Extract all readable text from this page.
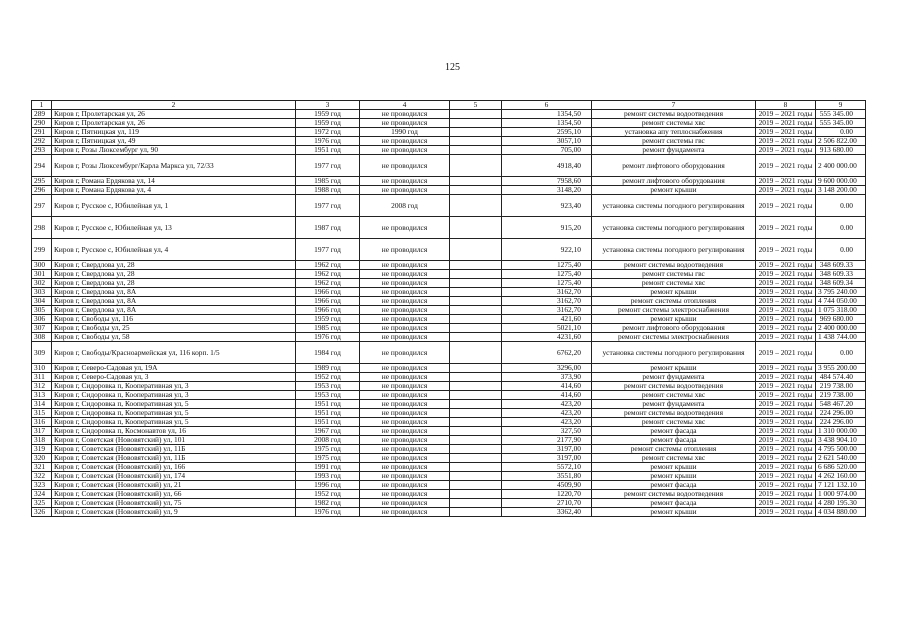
125
1	2	3	4	5	6	7	8	9
289	Киров г, Пролетарская ул, 26	1959 год	не проводился		1354,50	ремонт системы водоотведения	2019 – 2021 годы	555 345.00
290	Киров г, Пролетарская ул, 26	1959 год	не проводился		1354,50	ремонт системы хвс	2019 – 2021 годы	555 345.00
291	Киров г, Пятницкая ул, 119	1972 год	1990 год		2595,10	установка апу теплоснабжения	2019 – 2021 годы	0.00
292	Киров г, Пятницкая ул, 49	1976 год	не проводился		3057,10	ремонт системы гвс	2019 – 2021 годы	2 506 822.00
293	Киров г, Розы Люксембург ул, 90	1951 год	не проводился		705,00	ремонт фундамента	2019 – 2021 годы	913 680.00
294	Киров г, Розы Люксембург/Карла Маркса ул, 72/33	1977 год	не проводился		4918,40	ремонт лифтового оборудования	2019 – 2021 годы	2 400 000.00
295	Киров г, Романа Ердякова ул, 14	1985 год	не проводился		7958,60	ремонт лифтового оборудования	2019 – 2021 годы	9 600 000.00
296	Киров г, Романа Ердякова ул, 4	1988 год	не проводился		3148,20	ремонт крыши	2019 – 2021 годы	3 148 200.00
297	Киров г, Русское с, Юбилейная ул, 1	1977 год	2008 год		923,40	установка системы погодного регулирования	2019 – 2021 годы	0.00
298	Киров г, Русское с, Юбилейная ул, 13	1987 год	не проводился		915,20	установка системы погодного регулирования	2019 – 2021 годы	0.00
299	Киров г, Русское с, Юбилейная ул, 4	1977 год	не проводился		922,10	установка системы погодного регулирования	2019 – 2021 годы	0.00
300	Киров г, Свердлова ул, 28	1962 год	не проводился		1275,40	ремонт системы водоотведения	2019 – 2021 годы	348 609.33
301	Киров г, Свердлова ул, 28	1962 год	не проводился		1275,40	ремонт системы гвс	2019 – 2021 годы	348 609.33
302	Киров г, Свердлова ул, 28	1962 год	не проводился		1275,40	ремонт системы хвс	2019 – 2021 годы	348 609.34
303	Киров г, Свердлова ул, 8А	1966 год	не проводился		3162,70	ремонт крыши	2019 – 2021 годы	3 795 240.00
304	Киров г, Свердлова ул, 8А	1966 год	не проводился		3162,70	ремонт системы отопления	2019 – 2021 годы	4 744 050.00
305	Киров г, Свердлова ул, 8А	1966 год	не проводился		3162,70	ремонт системы электроснабжения	2019 – 2021 годы	1 075 318.00
306	Киров г, Свободы ул, 116	1959 год	не проводился		421,60	ремонт крыши	2019 – 2021 годы	969 680.00
307	Киров г, Свободы ул, 25	1985 год	не проводился		5021,10	ремонт лифтового оборудования	2019 – 2021 годы	2 400 000.00
308	Киров г, Свободы ул, 58	1976 год	не проводился		4231,60	ремонт системы электроснабжения	2019 – 2021 годы	1 438 744.00
309	Киров г, Свободы/Красноармейская ул, 116 корп. 1/5	1984 год	не проводился		6762,20	установка системы погодного регулирования	2019 – 2021 годы	0.00
310	Киров г, Северо-Садовая ул, 19А	1989 год	не проводился		3296,00	ремонт крыши	2019 – 2021 годы	3 955 200.00
311	Киров г, Северо-Садовая ул, 3	1952 год	не проводился		373,90	ремонт фундамента	2019 – 2021 годы	484 574.40
312	Киров г, Сидоровка п, Кооперативная ул, 3	1953 год	не проводился		414,60	ремонт системы водоотведения	2019 – 2021 годы	219 738.00
313	Киров г, Сидоровка п, Кооперативная ул, 3	1953 год	не проводился		414,60	ремонт системы хвс	2019 – 2021 годы	219 738.00
314	Киров г, Сидоровка п, Кооперативная ул, 5	1951 год	не проводился		423,20	ремонт фундамента	2019 – 2021 годы	548 467.20
315	Киров г, Сидоровка п, Кооперативная ул, 5	1951 год	не проводился		423,20	ремонт системы водоотведения	2019 – 2021 годы	224 296.00
316	Киров г, Сидоровка п, Кооперативная ул, 5	1951 год	не проводился		423,20	ремонт системы хвс	2019 – 2021 годы	224 296.00
317	Киров г, Сидоровка п, Космонавтов ул, 16	1967 год	не проводился		327,50	ремонт фасада	2019 – 2021 годы	1 310 000.00
318	Киров г, Советская (Нововятский) ул, 101	2008 год	не проводился		2177,90	ремонт фасада	2019 – 2021 годы	3 438 904.10
319	Киров г, Советская (Нововятский) ул, 11Б	1975 год	не проводился		3197,00	ремонт системы отопления	2019 – 2021 годы	4 795 500.00
320	Киров г, Советская (Нововятский) ул, 11Б	1975 год	не проводился		3197,00	ремонт системы хвс	2019 – 2021 годы	2 621 540.00
321	Киров г, Советская (Нововятский) ул, 166	1991 год	не проводился		5572,10	ремонт крыши	2019 – 2021 годы	6 686 520.00
322	Киров г, Советская (Нововятский) ул, 174	1993 год	не проводился		3551,80	ремонт крыши	2019 – 2021 годы	4 262 160.00
323	Киров г, Советская (Нововятский) ул, 21	1996 год	не проводился		4509,90	ремонт фасада	2019 – 2021 годы	7 121 132.10
324	Киров г, Советская (Нововятский) ул, 66	1952 год	не проводился		1220,70	ремонт системы водоотведения	2019 – 2021 годы	1 000 974.00
325	Киров г, Советская (Нововятский) ул, 75	1982 год	не проводился		2710,70	ремонт фасада	2019 – 2021 годы	4 280 195.30
326	Киров г, Советская (Нововятский) ул, 9	1976 год	не проводился		3362,40	ремонт крыши	2019 – 2021 годы	4 034 880.00
